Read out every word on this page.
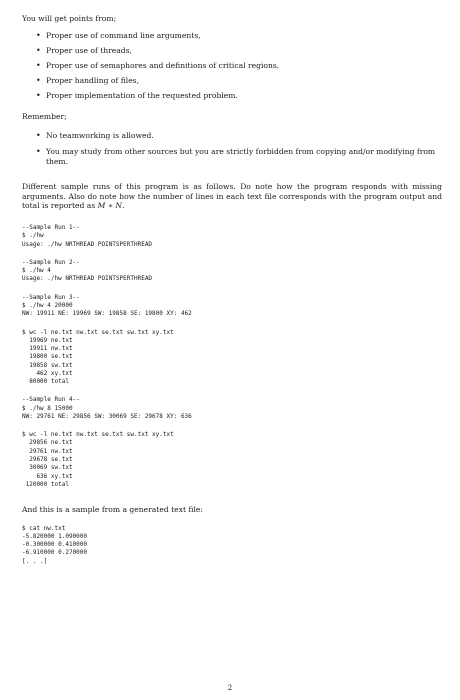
You will get points from;

• Proper use of command line arguments,
• Proper use of threads,
• Proper use of semaphores and definitions of critical regions,
• Proper handling of files,
• Proper implementation of the requested problem.

Remember;

• No teamworking is allowed.
• You may study from other sources but you are strictly forbidden from copying and/or modifying from them.

Different sample runs of this program is as follows. Do note how the program responds with missing arguments. Also do note how the number of lines in each text file corresponds with the program output and total is reported as M ∗ N.

--Sample Run 1--
$ ./hw
Usage: ./hw NRTHREAD POINTSPERTHREAD
--Sample Run 2--
$ ./hw 4
Usage: ./hw NRTHREAD POINTSPERTHREAD
--Sample Run 3--
$ ./hw 4 20000
NW: 19911 NE: 19969 SW: 19858 SE: 19800 XY: 462
$ wc -l ne.txt nw.txt se.txt sw.txt xy.txt
19969 ne.txt
19911 nw.txt
19800 se.txt
19858 sw.txt
462 xy.txt
80000 total
--Sample Run 4--
$ ./hw 8 15000
NW: 29761 NE: 29856 SW: 30069 SE: 29678 XY: 636
$ wc -l ne.txt nw.txt se.txt sw.txt xy.txt
29856 ne.txt
29761 nw.txt
29678 se.txt
30069 sw.txt
636 xy.txt
120000 total

And this is a sample from a generated text file:

$ cat nw.txt
-5.820000 1.090000
-0.300000 0.410000
-6.910000 0.270000
[. . .]
2
